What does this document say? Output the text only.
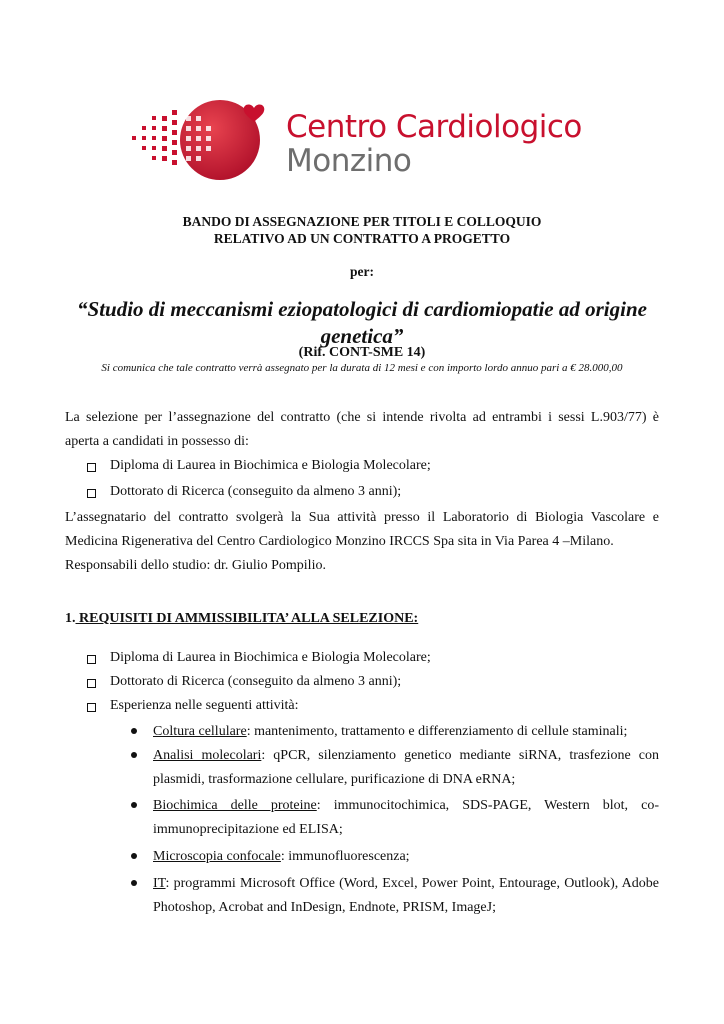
Centro Cardiologico
Monzino
BANDO DI ASSEGNAZIONE PER TITOLI E COLLOQUIO
RELATIVO AD UN CONTRATTO A PROGETTO
per:
“Studio di meccanismi eziopatologici di cardiomiopatie ad origine genetica”
(Rif. CONT-SME 14)
Si comunica che tale contratto verrà assegnato per la durata di 12 mesi e con importo lordo annuo pari a € 28.000,00
La selezione per l’assegnazione del contratto (che si intende rivolta ad entrambi i sessi L.903/77) è
aperta a candidati in possesso di:
Diploma di Laurea in Biochimica e Biologia Molecolare;
Dottorato di Ricerca (conseguito da almeno 3 anni);
L’assegnatario del contratto svolgerà la Sua attività presso il Laboratorio di Biologia Vascolare e
Medicina Rigenerativa del Centro Cardiologico Monzino IRCCS Spa sita in Via Parea 4 –Milano.
Responsabili dello studio: dr. Giulio Pompilio.
1. REQUISITI DI AMMISSIBILITA’ ALLA SELEZIONE:
Diploma di Laurea in Biochimica e Biologia Molecolare;
Dottorato di Ricerca (conseguito da almeno 3 anni);
Esperienza nelle seguenti attività:
Coltura cellulare: mantenimento, trattamento e differenziamento di cellule staminali;
Analisi molecolari: qPCR, silenziamento genetico mediante siRNA, trasfezione con plasmidi, trasformazione cellulare, purificazione di DNA eRNA;
Biochimica delle proteine: immunocitochimica, SDS-PAGE, Western blot, co-immunoprecipitazione ed ELISA;
Microscopia confocale: immunofluorescenza;
IT: programmi Microsoft Office (Word, Excel, Power Point, Entourage, Outlook), Adobe Photoshop, Acrobat and InDesign, Endnote, PRISM, ImageJ;
